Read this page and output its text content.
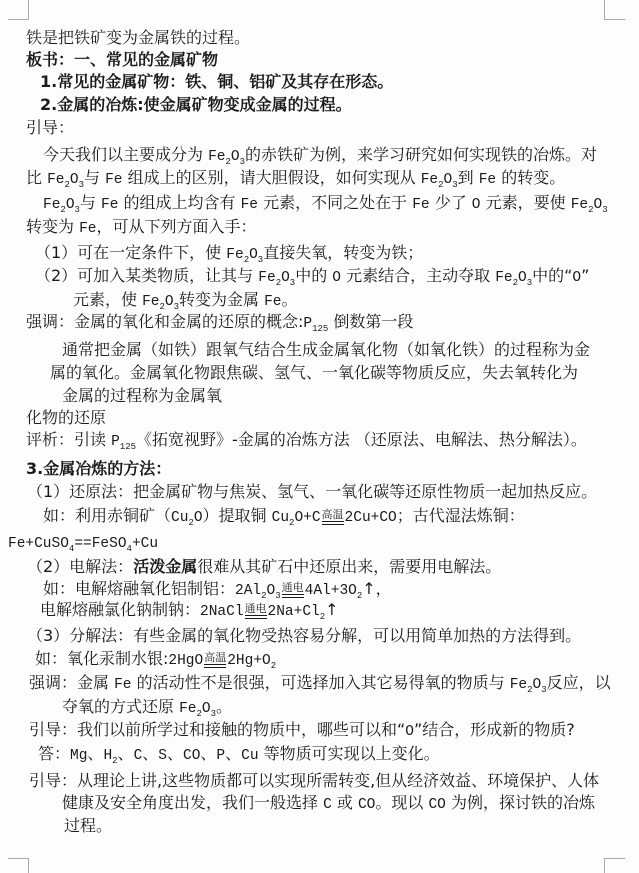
铁是把铁矿变为金属铁的过程。
板书：一、常见的金属矿物
1.常见的金属矿物：铁、铜、铝矿及其存在形态。
2.金属的冶炼:使金属矿物变成金属的过程。
引导：
今天我们以主要成分为 $Fe_2O_3$的赤铁矿为例，来学习研究如何实现铁的冶炼。对
比 $Fe_2O_3$与 Fe 组成上的区别，请大胆假设，如何实现从 $Fe_2O_3$到 Fe 的转变。
$Fe_2O_3$与 Fe 的组成上均含有 Fe 元素，不同之处在于 Fe 少了 O 元素，要使 $Fe_2O_3$
转变为 Fe，可从下列方面入手：
（1）可在一定条件下，使 $Fe_2O_3$直接失氧，转变为铁；
（2）可加入某类物质，让其与 $Fe_2O_3$中的 O 元素结合，主动夺取 $Fe_2O_3$中的“O”
元素，使 $Fe_2O_3$转变为金属 Fe。
强调：金属的氧化和金属的还原的概念$:P_{125}$ 倒数第一段
通常把金属（如铁）跟氧气结合生成金属氧化物（如氧化铁）的过程称为金
属的氧化。金属氧化物跟焦碳、氢气、一氧化碳等物质反应，失去氧转化为
金属的过程称为金属氧
化物的还原
评析：引读 $P_{125}$《拓宽视野》-金属的冶炼方法 （还原法、电解法、热分解法）。
3.金属冶炼的方法：
（1）还原法：把金属矿物与焦炭、氢气、一氧化碳等还原性物质一起加热反应。
如：利用赤铜矿$(Cu_2O)$提取铜 $Cu_2O+C$ 高温 2Cu+CO；古代湿法炼铜：
Fe+CuSO$_4$==FeSO$_4$+Cu
（2）电解法：活泼金属很难从其矿石中还原出来，需要用电解法。
如：电解熔融氧化铝制铝：$2Al_2O_3$
通电 $4Al+3O_2↑$，
电解熔融氯化钠制钠：2NaCl 通电 $2Na+Cl_2↑$
（3）分解法：有些金属的氧化物受热容易分解，可以用简单加热的方法得到。
如：氧化汞制水银:2HgO 高温 $2Hg+O_2$
强调：金属 Fe 的活动性不是很强，可选择加入其它易得氧的物质与 $Fe_2O_3$反应，以
夺氧的方式还原 $Fe_2O_3$。
引导：我们以前所学过和接触的物质中，哪些可以和“O”结合，形成新的物质?
答：Mg、$H_2$、C、S、CO、P、Cu 等物质可实现以上变化。
引导：从理论上讲,这些物质都可以实现所需转变,但从经济效益、环境保护、人体
健康及安全角度出发，我们一般选择 C 或 CO。现以 CO 为例，探讨铁的冶炼
过程。
